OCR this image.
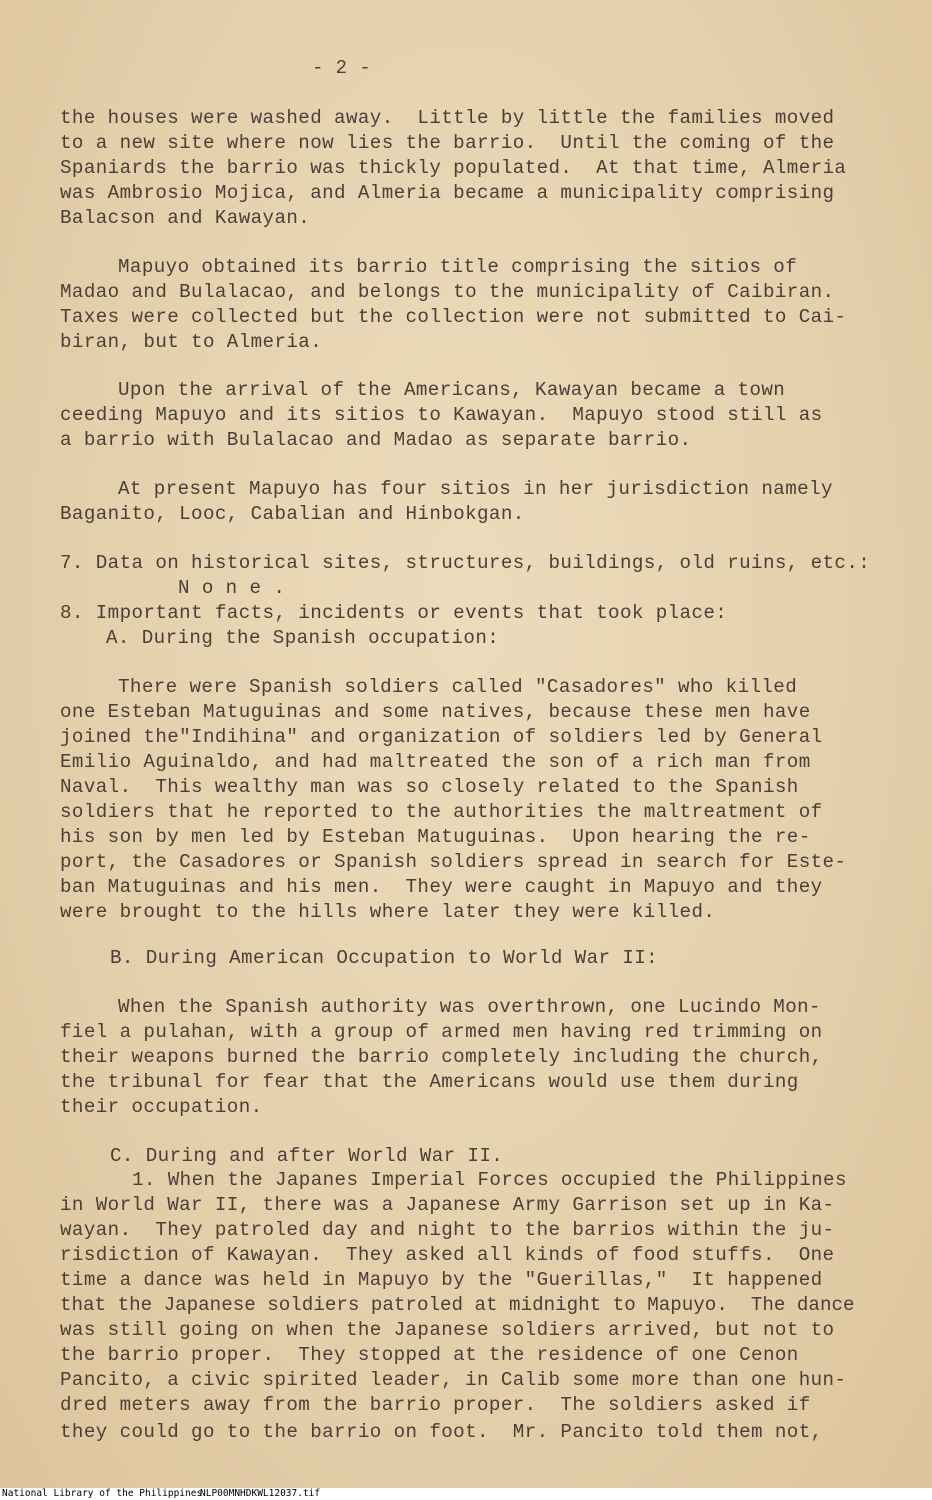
- 2 -
the houses were washed away.  Little by little the families moved
to a new site where now lies the barrio.  Until the coming of the
Spaniards the barrio was thickly populated.  At that time, Almeria
was Ambrosio Mojica, and Almeria became a municipality comprising
Balacson and Kawayan.
Mapuyo obtained its barrio title comprising the sitios of
Madao and Bulalacao, and belongs to the municipality of Caibiran.
Taxes were collected but the collection were not submitted to Cai-
biran, but to Almeria.
Upon the arrival of the Americans, Kawayan became a town
ceeding Mapuyo and its sitios to Kawayan.  Mapuyo stood still as
a barrio with Bulalacao and Madao as separate barrio.
At present Mapuyo has four sitios in her jurisdiction namely
Baganito, Looc, Cabalian and Hinbokgan.
7. Data on historical sites, structures, buildings, old ruins, etc.:
N o n e .
8. Important facts, incidents or events that took place:
A. During the Spanish occupation:
There were Spanish soldiers called "Casadores" who killed
one Esteban Matuguinas and some natives, because these men have
joined the"Indihina" and organization of soldiers led by General
Emilio Aguinaldo, and had maltreated the son of a rich man from
Naval.  This wealthy man was so closely related to the Spanish
soldiers that he reported to the authorities the maltreatment of
his son by men led by Esteban Matuguinas.  Upon hearing the re-
port, the Casadores or Spanish soldiers spread in search for Este-
ban Matuguinas and his men.  They were caught in Mapuyo and they
were brought to the hills where later they were killed.
B. During American Occupation to World War II:
When the Spanish authority was overthrown, one Lucindo Mon-
fiel a pulahan, with a group of armed men having red trimming on
their weapons burned the barrio completely including the church,
the tribunal for fear that the Americans would use them during
their occupation.
C. During and after World War II.
1. When the Japanes Imperial Forces occupied the Philippines
in World War II, there was a Japanese Army Garrison set up in Ka-
wayan.  They patroled day and night to the barrios within the ju-
risdiction of Kawayan.  They asked all kinds of food stuffs.  One
time a dance was held in Mapuyo by the "Guerillas,"  It happened
that the Japanese soldiers patroled at midnight to Mapuyo.  The dance
was still going on when the Japanese soldiers arrived, but not to
the barrio proper.  They stopped at the residence of one Cenon
Pancito, a civic spirited leader, in Calib some more than one hun-
dred meters away from the barrio proper.  The soldiers asked if
they could go to the barrio on foot.  Mr. Pancito told them not,
National Library of the Philippines
NLP00MNHDKWL12037.tif
